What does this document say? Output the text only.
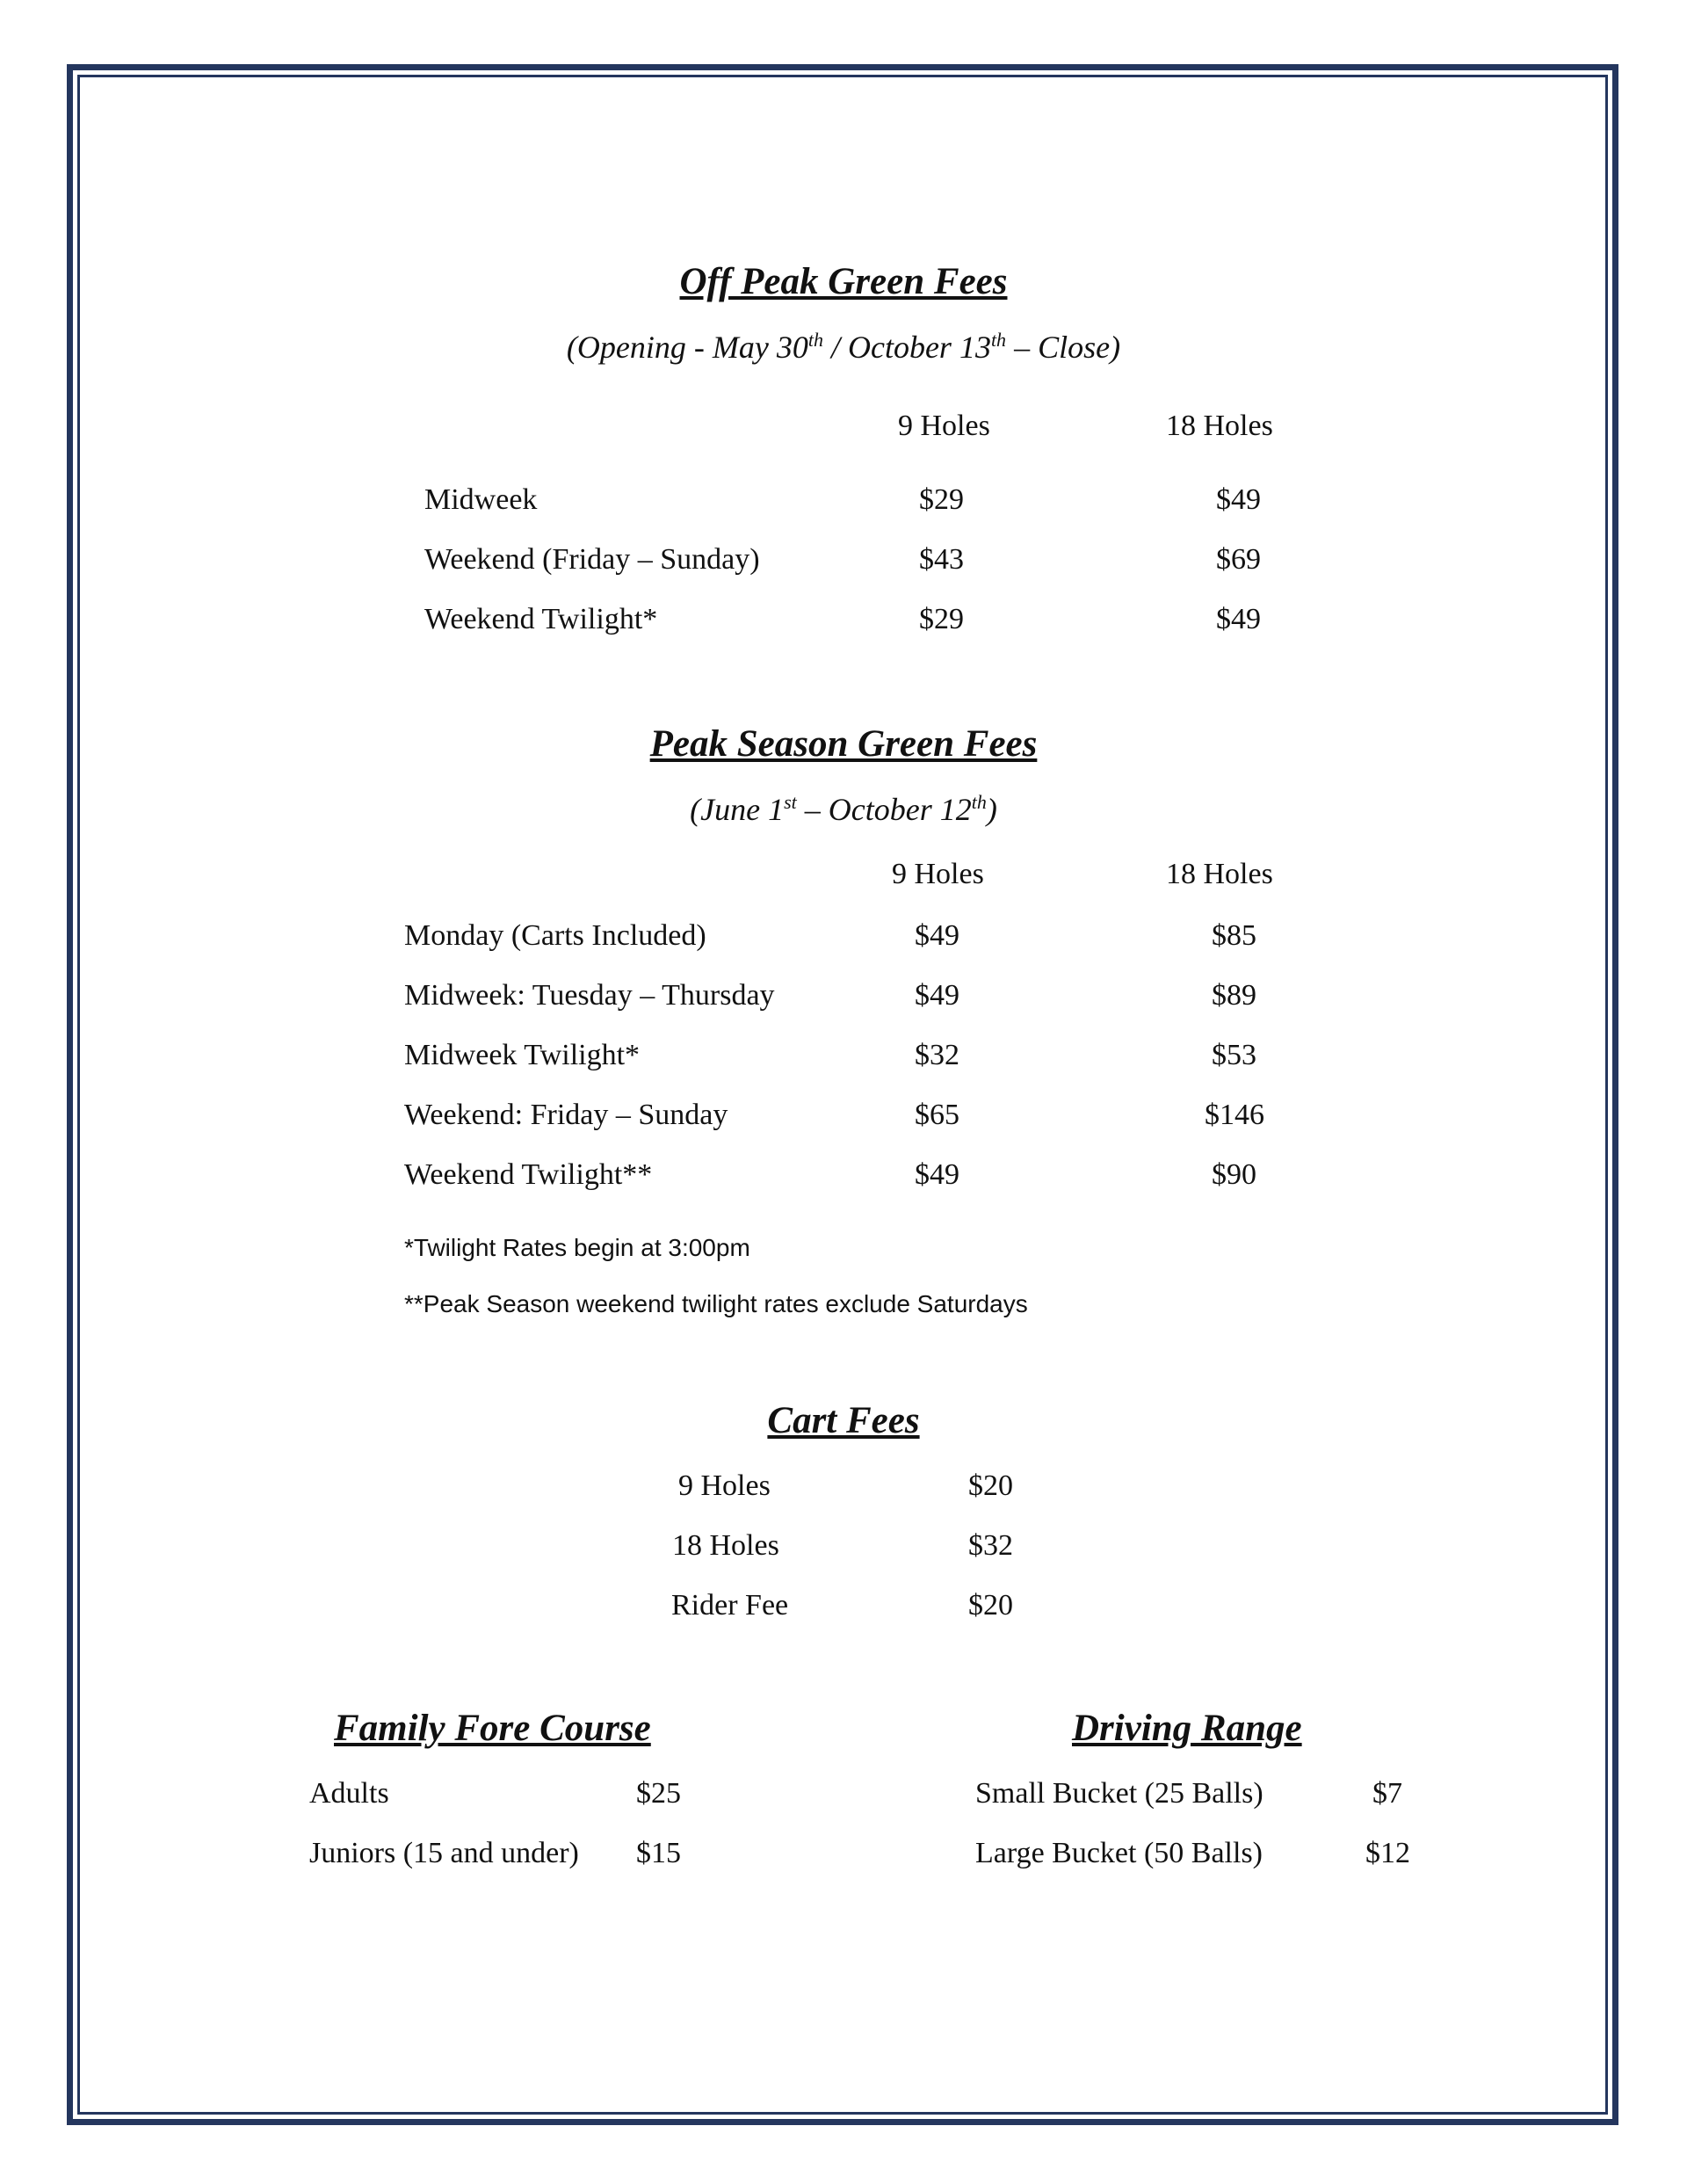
Off Peak Green Fees
(Opening - May 30th / October 13th – Close)
9 Holes	18 Holes
Midweek	$29	$49
Weekend (Friday – Sunday)	$43	$69
Weekend Twilight*	$29	$49
Peak Season Green Fees
(June 1st – October 12th)
9 Holes	18 Holes
Monday (Carts Included)	$49	$85
Midweek: Tuesday – Thursday	$49	$89
Midweek Twilight*	$32	$53
Weekend: Friday – Sunday	$65	$146
Weekend Twilight**	$49	$90
*Twilight Rates begin at 3:00pm
**Peak Season weekend twilight rates exclude Saturdays
Cart Fees
9 Holes	$20
18 Holes	$32
Rider Fee	$20
Family Fore Course
Adults	$25
Juniors (15 and under) $15
Driving Range
Small Bucket (25 Balls)	$7
Large Bucket (50 Balls)	$12
